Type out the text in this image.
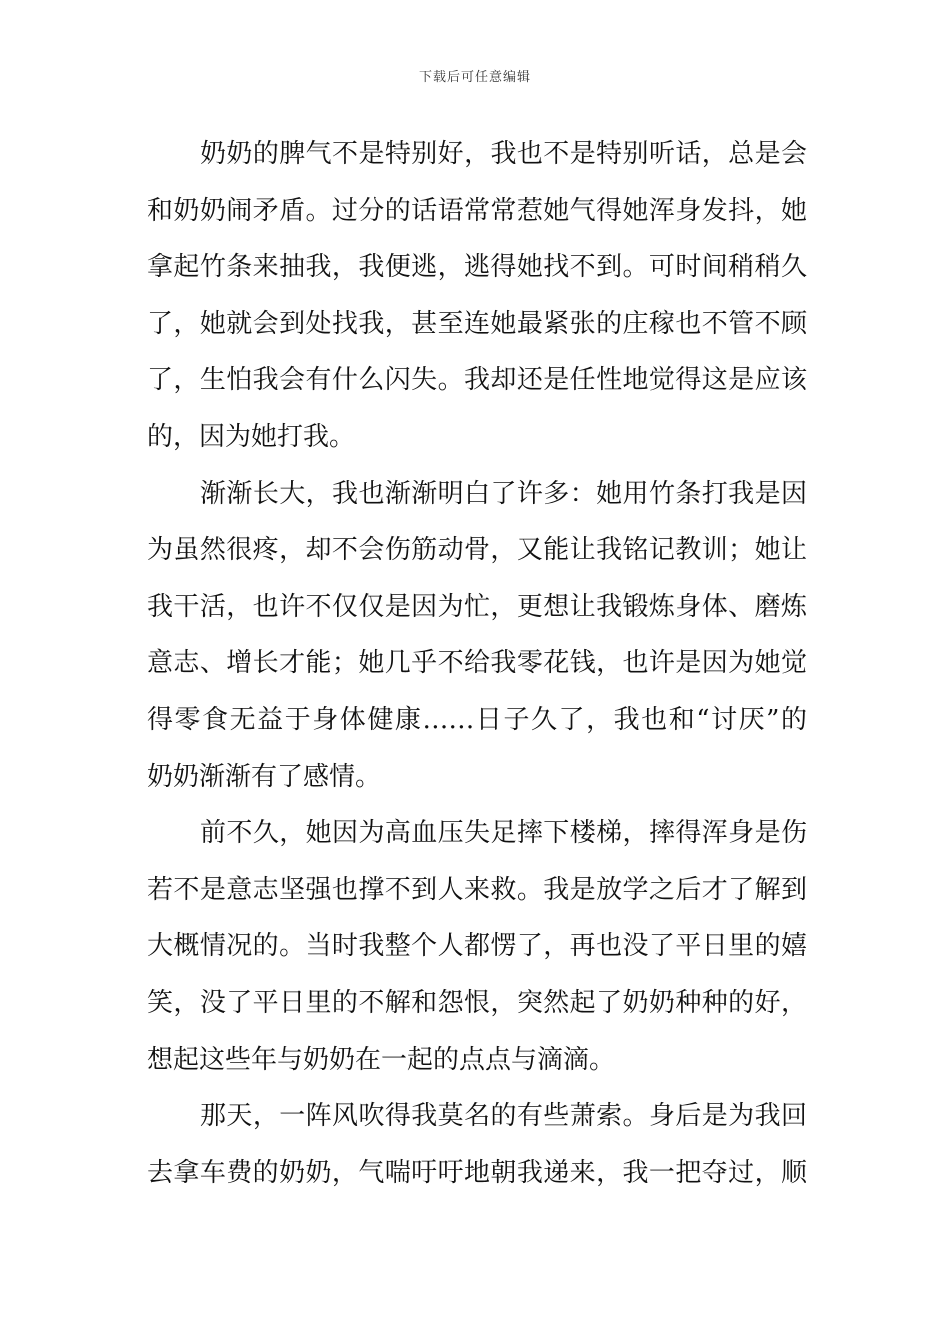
下载后可任意编辑
奶奶的脾气不是特别好，我也不是特别听话，总是会
和奶奶闹矛盾。过分的话语常常惹她气得她浑身发抖，她
拿起竹条来抽我，我便逃，逃得她找不到。可时间稍稍久
了，她就会到处找我，甚至连她最紧张的庄稼也不管不顾
了，生怕我会有什么闪失。我却还是任性地觉得这是应该
的，因为她打我。
渐渐长大，我也渐渐明白了许多：她用竹条打我是因
为虽然很疼，却不会伤筋动骨，又能让我铭记教训；她让
我干活，也许不仅仅是因为忙，更想让我锻炼身体、磨炼
意志、增长才能；她几乎不给我零花钱，也许是因为她觉
得零食无益于身体健康……日子久了，我也和“讨厌”的
奶奶渐渐有了感情。
前不久，她因为高血压失足摔下楼梯，摔得浑身是伤
若不是意志坚强也撑不到人来救。我是放学之后才了解到
大概情况的。当时我整个人都愣了，再也没了平日里的嬉
笑，没了平日里的不解和怨恨，突然起了奶奶种种的好，
想起这些年与奶奶在一起的点点与滴滴。
那天，一阵风吹得我莫名的有些萧索。身后是为我回
去拿车费的奶奶，气喘吁吁地朝我递来，我一把夺过，顺
